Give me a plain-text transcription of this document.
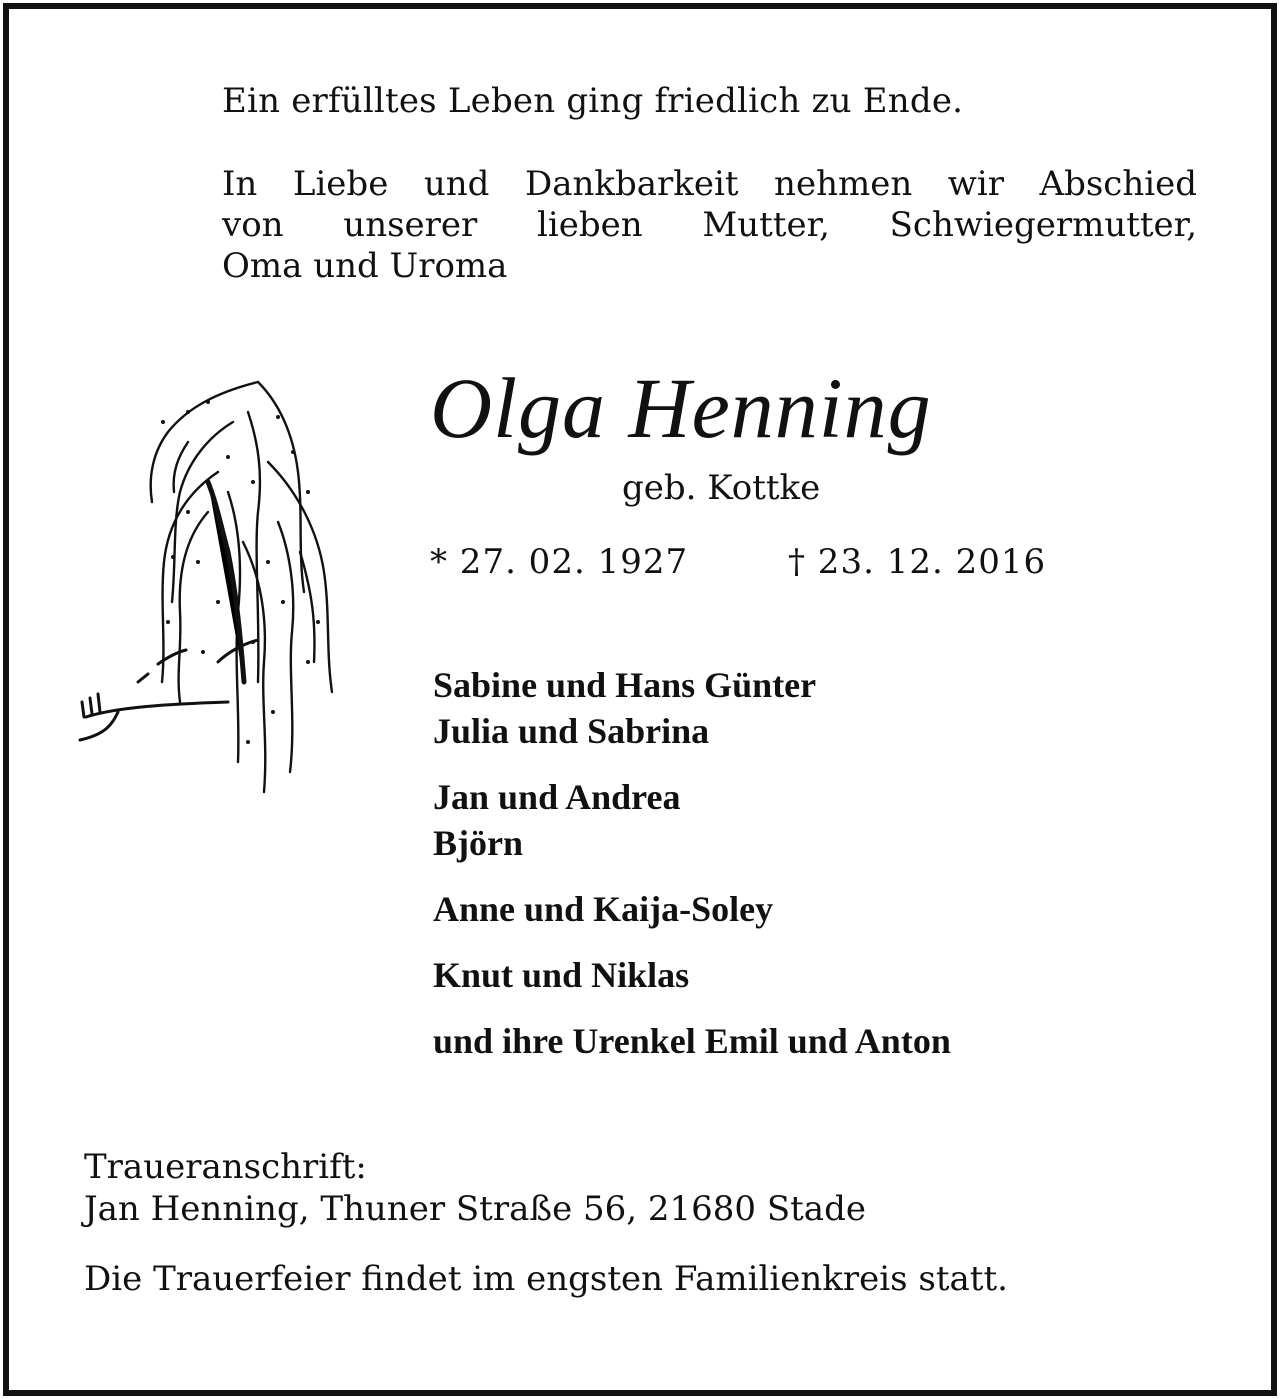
Ein erfülltes Leben ging friedlich zu Ende.
In Liebe und Dankbarkeit nehmen wir Abschied
von unserer lieben Mutter, Schwiegermutter,
Oma und Uroma
Olga Henning
geb. Kottke
* 27. 02. 1927	† 23. 12. 2016
Sabine und Hans Günter
Julia und Sabrina
Jan und Andrea
Björn
Anne und Kaija-Soley
Knut und Niklas
und ihre Urenkel Emil und Anton
Traueranschrift:
Jan Henning, Thuner Straße 56, 21680 Stade
Die Trauerfeier findet im engsten Familienkreis statt.
